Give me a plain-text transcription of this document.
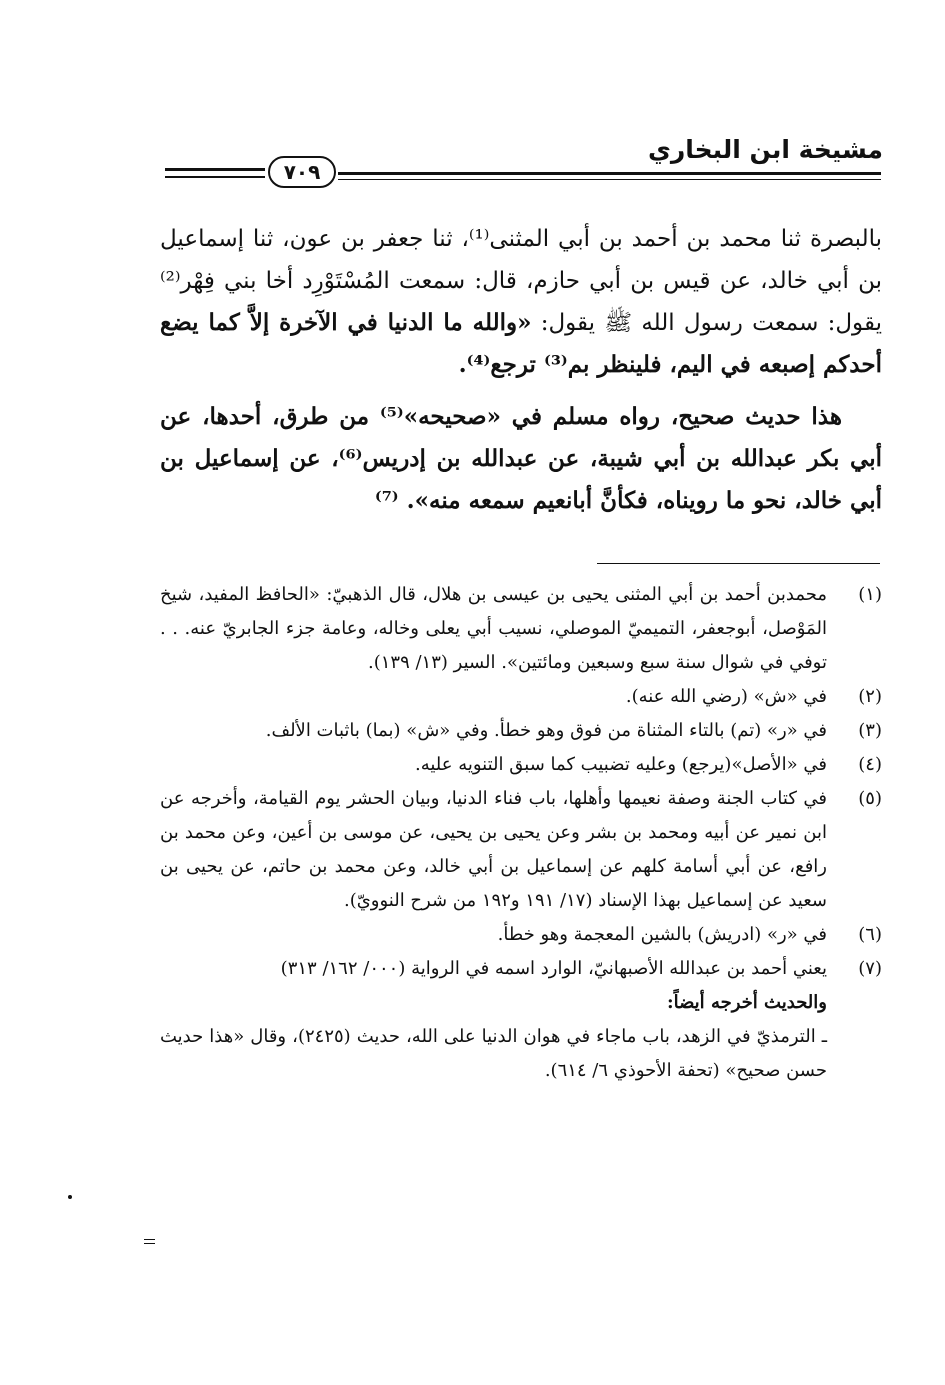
مشيخة ابن البخاري
٧٠٩

بالبصرة ثنا محمد بن أحمد بن أبي المثنى⁽¹⁾، ثنا جعفر بن عون، ثنا إسماعيل بن أبي خالد، عن قيس بن أبي حازم، قال: سمعت المُسْتَوْرِد أخا بني فِهْر⁽²⁾ يقول: سمعت رسول الله ﷺ يقول: «والله ما الدنيا في الآخرة إلاَّ كما يضع أحدكم إصبعه في اليم، فلينظر بم⁽³⁾ ترجع⁽⁴⁾.

هذا حديث صحيح، رواه مسلم في «صحيحه»⁽⁵⁾ من طرق، أحدها، عن أبي بكر عبدالله بن أبي شيبة، عن عبدالله بن إدريس⁽⁶⁾، عن إسماعيل بن أبي خالد، نحو ما رويناه، فكأنَّ أبانعيم سمعه منه». ⁽⁷⁾

(١)
محمدبن أحمد بن أبي المثنى يحيى بن عيسى بن هلال، قال الذهبيّ: «الحافظ المفيد، شيخ المَوْصل، أبوجعفر، التميميّ الموصلي، نسيب أبي يعلى وخاله، وعامة جزء الجابريّ عنه. . . توفي في شوال سنة سبع وسبعين ومائتين». السير (١٣/ ١٣٩).
(٢)
في «ش» (رضي الله عنه).
(٣)
في «ر» (تم) بالتاء المثناة من فوق وهو خطأ. وفي «ش» (بما) باثبات الألف.
(٤)
في «الأصل»(يرجع) وعليه تضبيب كما سبق التنويه عليه.
(٥)
في كتاب الجنة وصفة نعيمها وأهلها، باب فناء الدنيا، وبيان الحشر يوم القيامة، وأخرجه عن ابن نمير عن أبيه ومحمد بن بشر وعن يحيى بن يحيى، عن موسى بن أعين، وعن محمد بن رافع، عن أبي أسامة كلهم عن إسماعيل بن أبي خالد، وعن محمد بن حاتم، عن يحيى بن سعيد عن إسماعيل بهذا الإسناد (١٧/ ١٩١ و١٩٢ من شرح النوويّ).
(٦)
في «ر» (ادريش) بالشين المعجمة وهو خطأ.
(٧)
يعني أحمد بن عبدالله الأصبهانيّ، الوارد اسمه في الرواية (٠٠٠/ ١٦٢/ ٣١٣)
والحديث أخرجه أيضاً:
ـ الترمذيّ في الزهد، باب ماجاء في هوان الدنيا على الله، حديث (٢٤٢٥)، وقال «هذا حديث حسن صحيح» (تحفة الأحوذي ٦/ ٦١٤).
